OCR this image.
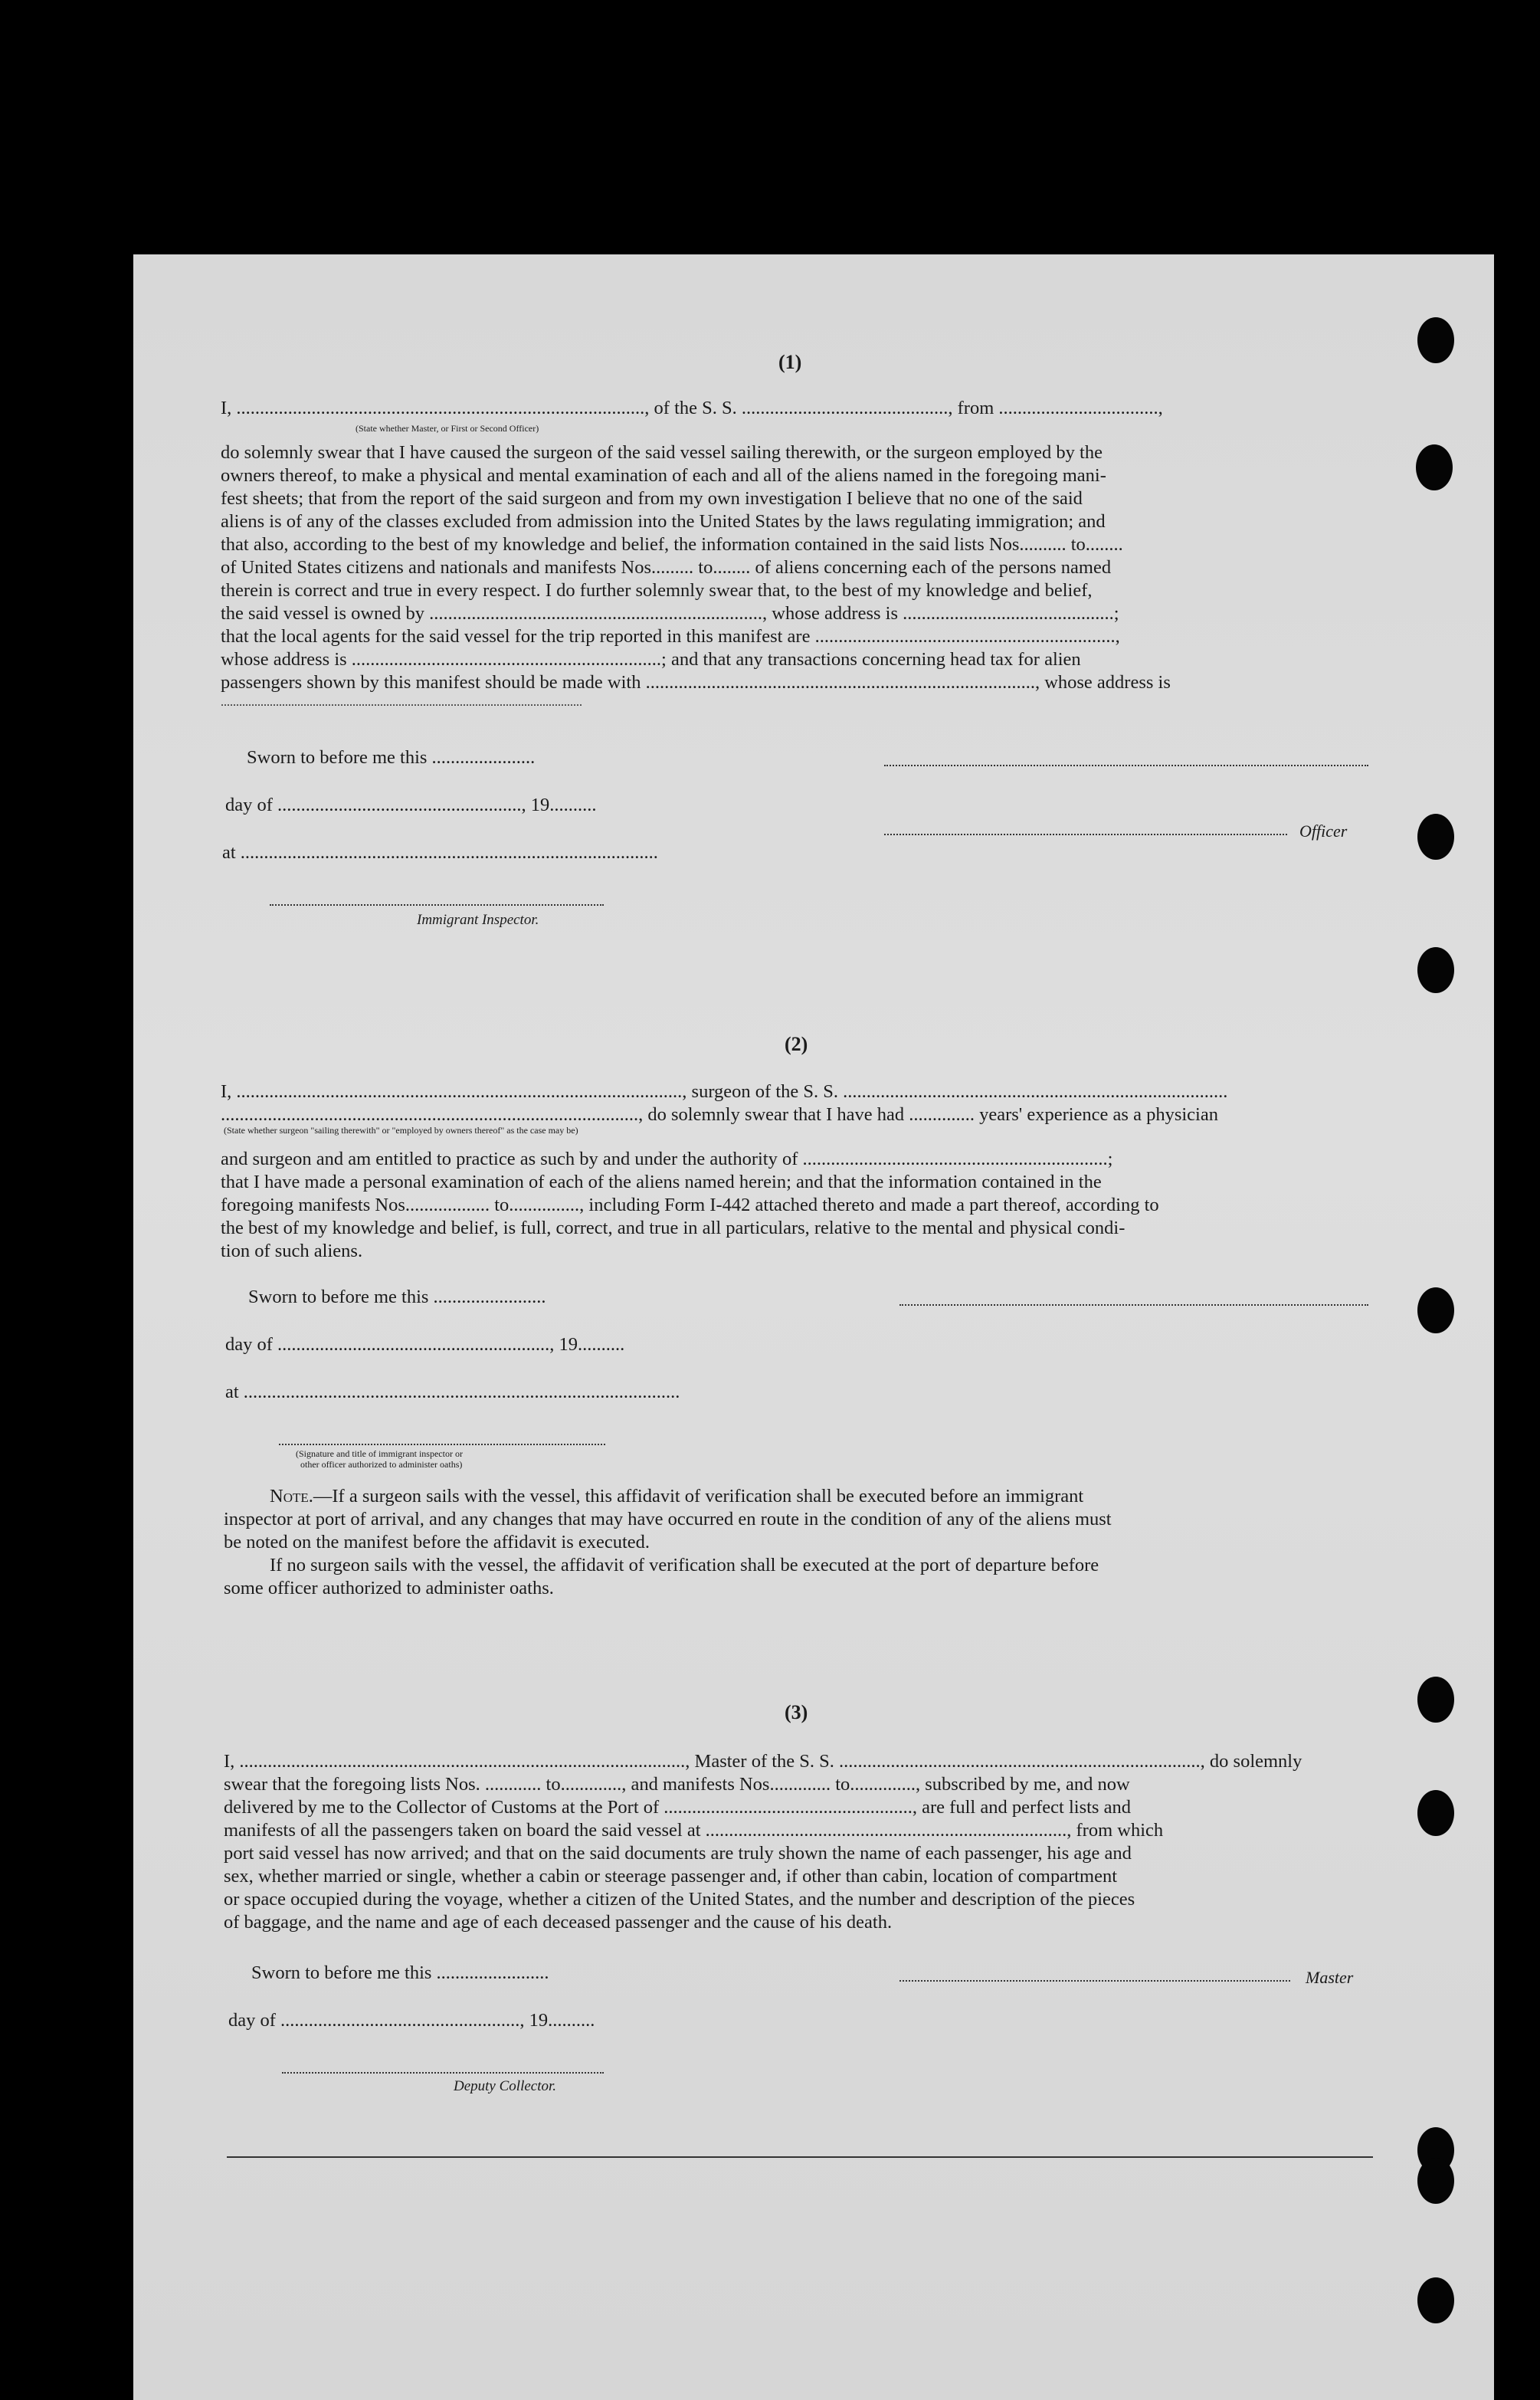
(1)
I, ......................................................................................., of the S. S. ............................................, from ..................................,
(State whether Master, or First or Second Officer)
do solemnly swear that I have caused the surgeon of the said vessel sailing therewith, or the surgeon employed by the
owners thereof, to make a physical and mental examination of each and all of the aliens named in the foregoing mani-
fest sheets; that from the report of the said surgeon and from my own investigation I believe that no one of the said
aliens is of any of the classes excluded from admission into the United States by the laws regulating immigration; and
that also, according to the best of my knowledge and belief, the information contained in the said lists Nos.......... to........
of United States citizens and nationals and manifests Nos......... to........ of aliens concerning each of the persons named
therein is correct and true in every respect. I do further solemnly swear that, to the best of my knowledge and belief,
the said vessel is owned by ......................................................................., whose address is .............................................;
that the local agents for the said vessel for the trip reported in this manifest are ................................................................,
whose address is ..................................................................; and that any transactions concerning head tax for alien
passengers shown by this manifest should be made with ..................................................................................., whose address is
......................................................................................................................
Sworn to before me this ......................
day of ...................................................., 19..........
at .........................................................................................
Immigrant Inspector.
Officer
(2)
I, ..............................................................................................., surgeon of the S. S. ..................................................................................
........................................................................................., do solemnly swear that I have had .............. years' experience as a physician
(State whether surgeon "sailing therewith" or "employed by owners thereof" as the case may be)
and surgeon and am entitled to practice as such by and under the authority of .................................................................;
that I have made a personal examination of each of the aliens named herein; and that the information contained in the
foregoing manifests Nos.................. to..............., including Form I-442 attached thereto and made a part thereof, according to
the best of my knowledge and belief, is full, correct, and true in all particulars, relative to the mental and physical condi-
tion of such aliens.
Sworn to before me this ........................
day of .........................................................., 19..........
at .............................................................................................
(Signature and title of immigrant inspector or
other officer authorized to administer oaths)
Note.—If a surgeon sails with the vessel, this affidavit of verification shall be executed before an immigrant
inspector at port of arrival, and any changes that may have occurred en route in the condition of any of the aliens must
be noted on the manifest before the affidavit is executed.
If no surgeon sails with the vessel, the affidavit of verification shall be executed at the port of departure before
some officer authorized to administer oaths.
(3)
I, ..............................................................................................., Master of the S. S. ............................................................................., do solemnly
swear that the foregoing lists Nos. ............ to............., and manifests Nos............. to.............., subscribed by me, and now
delivered by me to the Collector of Customs at the Port of ....................................................., are full and perfect lists and
manifests of all the passengers taken on board the said vessel at ............................................................................., from which
port said vessel has now arrived; and that on the said documents are truly shown the name of each passenger, his age and
sex, whether married or single, whether a cabin or steerage passenger and, if other than cabin, location of compartment
or space occupied during the voyage, whether a citizen of the United States, and the number and description of the pieces
of baggage, and the name and age of each deceased passenger and the cause of his death.
Sworn to before me this ........................
day of ..................................................., 19..........
Deputy Collector.
Master
